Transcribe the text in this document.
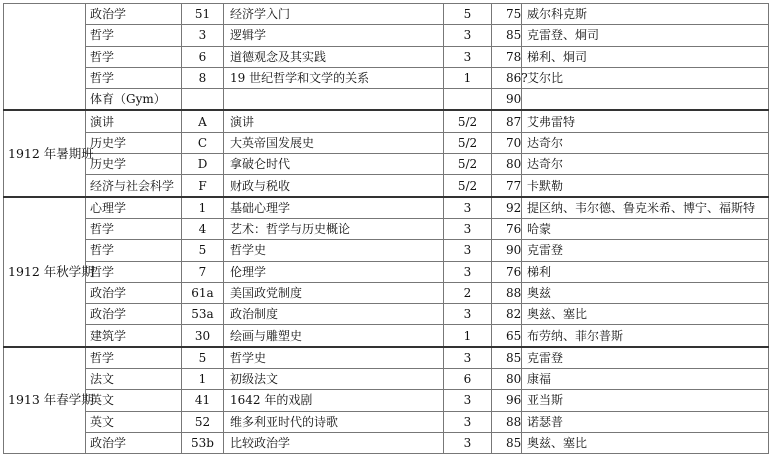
	政治学	51	经济学入门	5	75	威尔科克斯
	哲学	3	逻辑学	3	85	克雷登、炯司
	哲学	6	道德观念及其实践	3	78	梯利、炯司
	哲学	8	19 世纪哲学和文学的关系	1	86?	艾尔比
	体育（Gym）				90	
1912 年暑期班	演讲	A	演讲	5/2	87	艾弗雷特
	历史学	C	大英帝国发展史	5/2	70	达奇尔
	历史学	D	拿破仑时代	5/2	80	达奇尔
	经济与社会科学	F	财政与税收	5/2	77	卡默勒
1912 年秋学期	心理学	1	基础心理学	3	92	提区纳、韦尔德、鲁克米希、博宁、福斯特
	哲学	4	艺术：哲学与历史概论	3	76	哈蒙
	哲学	5	哲学史	3	90	克雷登
	哲学	7	伦理学	3	76	梯利
	政治学	61a	美国政党制度	2	88	奥兹
	政治学	53a	政治制度	3	82	奥兹、塞比
	建筑学	30	绘画与雕塑史	1	65	布劳纳、菲尔普斯
1913 年春学期	哲学	5	哲学史	3	85	克雷登
	法文	1	初级法文	6	80	康福
	英文	41	1642 年的戏剧	3	96	亚当斯
	英文	52	维多利亚时代的诗歌	3	88	诺瑟普
	政治学	53b	比较政治学	3	85	奥兹、塞比
